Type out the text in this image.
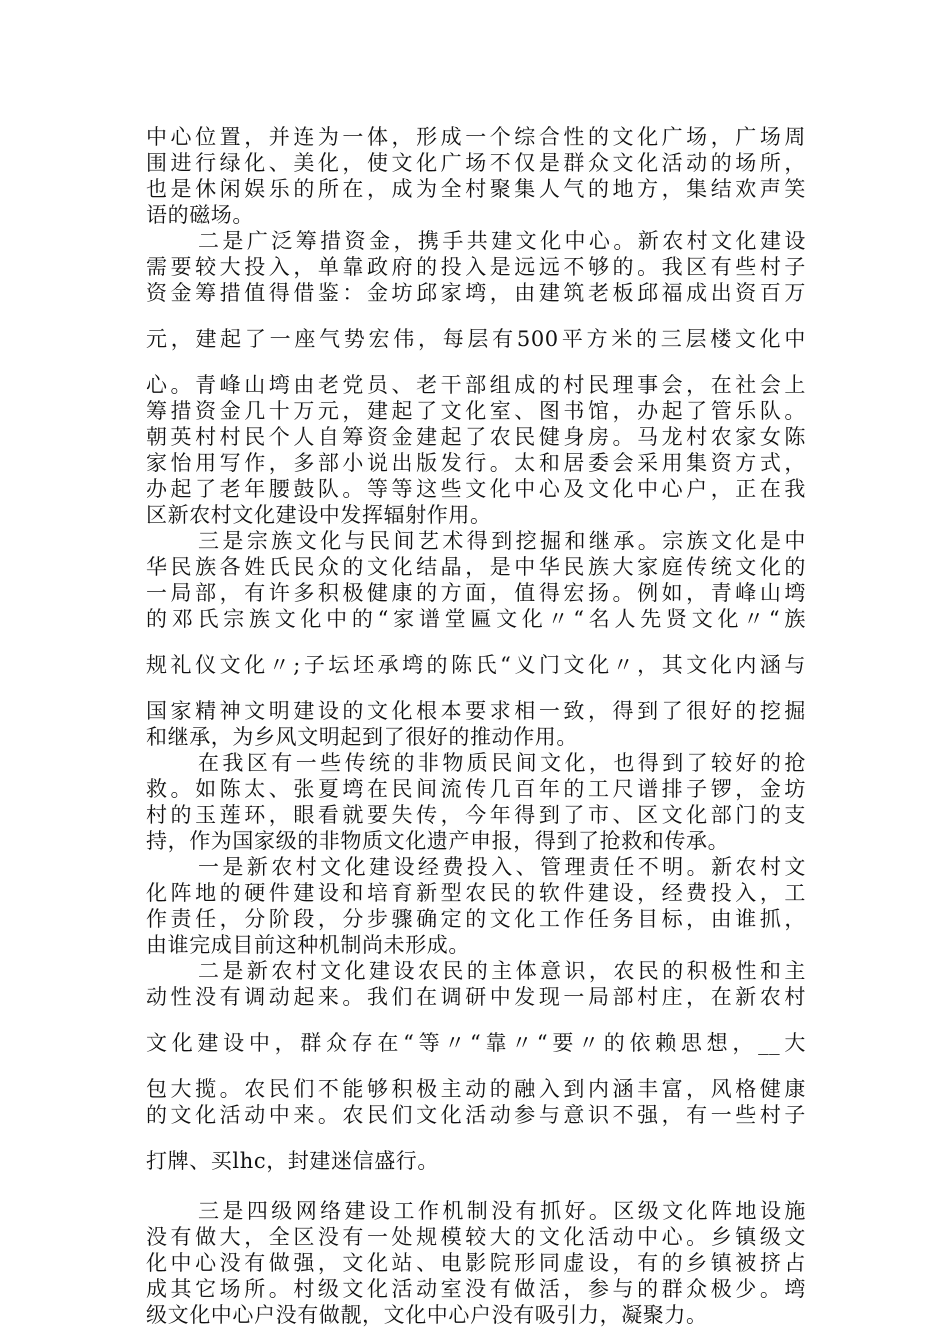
中心位置，并连为一体，形成一个综合性的文化广场，广场周

围进行绿化、美化，使文化广场不仅是群众文化活动的场所，

也是休闲娱乐的所在，成为全村聚集人气的地方，集结欢声笑

语的磁场。

二是广泛筹措资金，携手共建文化中心。新农村文化建设

需要较大投入，单靠政府的投入是远远不够的。我区有些村子

资金筹措值得借鉴：金坊邱家塆，由建筑老板邱福成出资百万

元，建起了一座气势宏伟，每层有500平方米的三层楼文化中

心。青峰山塆由老党员、老干部组成的村民理事会，在社会上

筹措资金几十万元，建起了文化室、图书馆，办起了管乐队。

朝英村村民个人自筹资金建起了农民健身房。马龙村农家女陈

家怡用写作，多部小说出版发行。太和居委会采用集资方式，

办起了老年腰鼓队。等等这些文化中心及文化中心户，正在我

区新农村文化建设中发挥辐射作用。

三是宗族文化与民间艺术得到挖掘和继承。宗族文化是中

华民族各姓氏民众的文化结晶，是中华民族大家庭传统文化的

一局部，有许多积极健康的方面，值得宏扬。例如，青峰山塆

的邓氏宗族文化中的“家谱堂匾文化〃“名人先贤文化〃“族

规礼仪文化〃;子坛坯承塆的陈氏“义门文化〃，其文化内涵与

国家精神文明建设的文化根本要求相一致，得到了很好的挖掘

和继承，为乡风文明起到了很好的推动作用。

在我区有一些传统的非物质民间文化，也得到了较好的抢

救。如陈太、张夏塆在民间流传几百年的工尺谱排子锣，金坊

村的玉莲环，眼看就要失传，今年得到了市、区文化部门的支

持，作为国家级的非物质文化遗产申报，得到了抢救和传承。

一是新农村文化建设经费投入、管理责任不明。新农村文

化阵地的硬件建设和培育新型农民的软件建设，经费投入，工

作责任，分阶段，分步骤确定的文化工作任务目标，由谁抓，

由谁完成目前这种机制尚未形成。

二是新农村文化建设农民的主体意识，农民的积极性和主

动性没有调动起来。我们在调研中发现一局部村庄，在新农村

文化建设中，群众存在“等〃“靠〃“要〃的依赖思想，__大

包大揽。农民们不能够积极主动的融入到内涵丰富，风格健康

的文化活动中来。农民们文化活动参与意识不强，有一些村子

打牌、买lhc，封建迷信盛行。

三是四级网络建设工作机制没有抓好。区级文化阵地设施

没有做大，全区没有一处规模较大的文化活动中心。乡镇级文

化中心没有做强，文化站、电影院形同虚设，有的乡镇被挤占

成其它场所。村级文化活动室没有做活，参与的群众极少。塆

级文化中心户没有做靓，文化中心户没有吸引力，凝聚力。
